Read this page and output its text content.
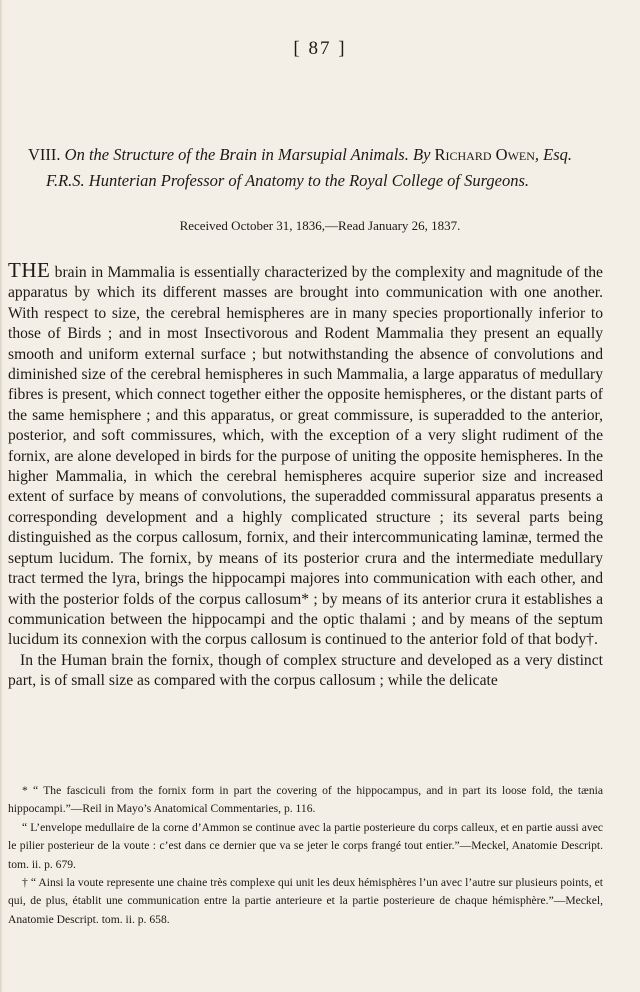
[ 87 ]
VIII. On the Structure of the Brain in Marsupial Animals. By Richard Owen, Esq.
F.R.S. Hunterian Professor of Anatomy to the Royal College of Surgeons.
Received October 31, 1836,—Read January 26, 1837.

THE brain in Mammalia is essentially characterized by the complexity and magnitude of the apparatus by which its different masses are brought into communication with one another. With respect to size, the cerebral hemispheres are in many species proportionally inferior to those of Birds ; and in most Insectivorous and Rodent Mammalia they present an equally smooth and uniform external surface ; but notwithstanding the absence of convolutions and diminished size of the cerebral hemispheres in such Mammalia, a large apparatus of medullary fibres is present, which connect together either the opposite hemispheres, or the distant parts of the same hemisphere ; and this apparatus, or great commissure, is superadded to the anterior, posterior, and soft commissures, which, with the exception of a very slight rudiment of the fornix, are alone developed in birds for the purpose of uniting the opposite hemispheres. In the higher Mammalia, in which the cerebral hemispheres acquire superior size and increased extent of surface by means of convolutions, the superadded commissural apparatus presents a corresponding development and a highly complicated structure ; its several parts being distinguished as the corpus callosum, fornix, and their intercommunicating laminæ, termed the septum lucidum. The fornix, by means of its posterior crura and the intermediate medullary tract termed the lyra, brings the hippocampi majores into communication with each other, and with the posterior folds of the corpus callosum* ; by means of its anterior crura it establishes a communication between the hippocampi and the optic thalami ; and by means of the septum lucidum its connexion with the corpus callosum is continued to the anterior fold of that body†.

In the Human brain the fornix, though of complex structure and developed as a very distinct part, is of small size as compared with the corpus callosum ; while the delicate

* “ The fasciculi from the fornix form in part the covering of the hippocampus, and in part its loose fold, the tænia hippocampi.”—Reil in Mayo’s Anatomical Commentaries, p. 116.

“ L’envelope medullaire de la corne d’Ammon se continue avec la partie posterieure du corps calleux, et en partie aussi avec le pilier posterieur de la voute : c’est dans ce dernier que va se jeter le corps frangé tout entier.”—Meckel, Anatomie Descript. tom. ii. p. 679.

† “ Ainsi la voute represente une chaine très complexe qui unit les deux hémisphères l’un avec l’autre sur plusieurs points, et qui, de plus, établit une communication entre la partie anterieure et la partie posterieure de chaque hémisphère.”—Meckel, Anatomie Descript. tom. ii. p. 658.
